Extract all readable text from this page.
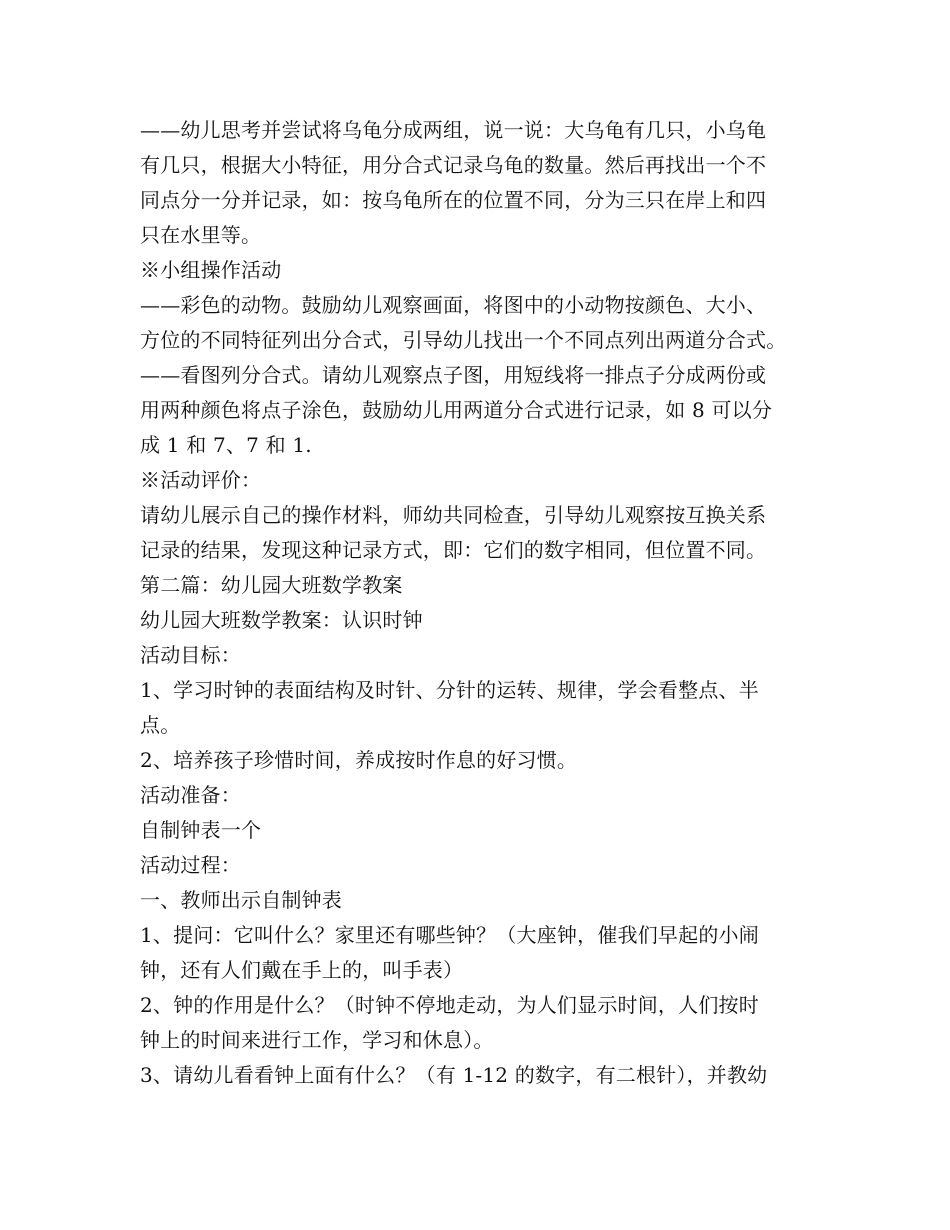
——幼儿思考并尝试将乌龟分成两组，说一说：大乌龟有几只，小乌龟
有几只，根据大小特征，用分合式记录乌龟的数量。然后再找出一个不
同点分一分并记录，如：按乌龟所在的位置不同，分为三只在岸上和四
只在水里等。
※小组操作活动
——彩色的动物。鼓励幼儿观察画面，将图中的小动物按颜色、大小、
方位的不同特征列出分合式，引导幼儿找出一个不同点列出两道分合式。
——看图列分合式。请幼儿观察点子图，用短线将一排点子分成两份或
用两种颜色将点子涂色，鼓励幼儿用两道分合式进行记录，如 8 可以分
成 1 和 7、7 和 1.
※活动评价：
请幼儿展示自己的操作材料，师幼共同检查，引导幼儿观察按互换关系
记录的结果，发现这种记录方式，即：它们的数字相同，但位置不同。
第二篇：幼儿园大班数学教案
幼儿园大班数学教案：认识时钟
活动目标：
1、学习时钟的表面结构及时针、分针的运转、规律，学会看整点、半
点。
2、培养孩子珍惜时间，养成按时作息的好习惯。
活动准备：
自制钟表一个
活动过程：
一、教师出示自制钟表
1、提问：它叫什么？家里还有哪些钟？（大座钟，催我们早起的小闹
钟，还有人们戴在手上的，叫手表）
2、钟的作用是什么？（时钟不停地走动，为人们显示时间，人们按时
钟上的时间来进行工作，学习和休息）。
3、请幼儿看看钟上面有什么？（有 1-12 的数字，有二根针），并教幼
